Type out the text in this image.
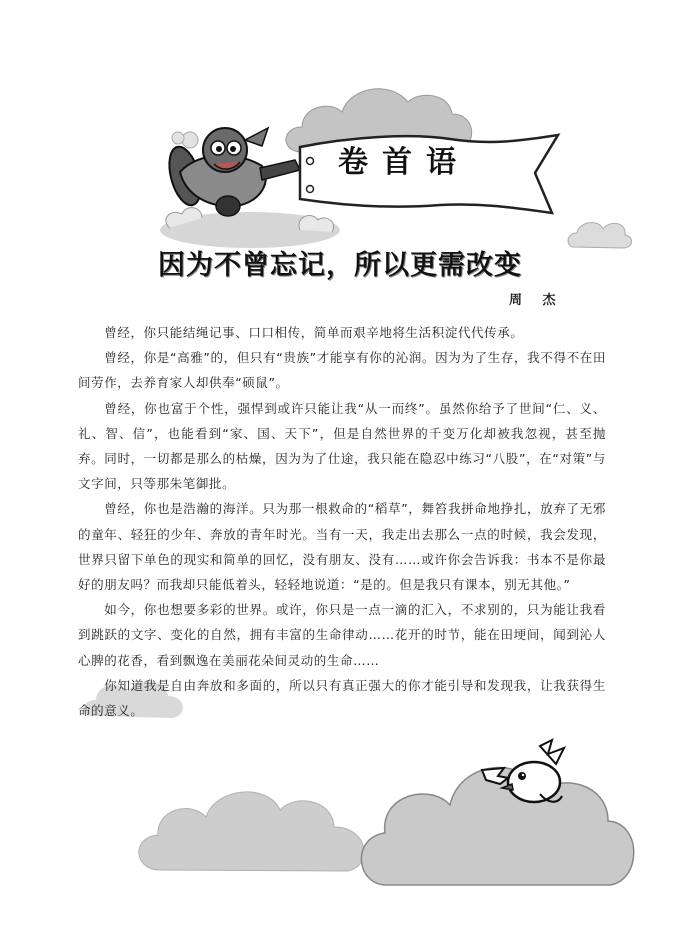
卷首语
因为不曾忘记，所以更需改变
周 杰

曾经，你只能结绳记事、口口相传，简单而艰辛地将生活积淀代代传承。

曾经，你是“高雅”的，但只有“贵族”才能享有你的沁润。因为为了生存，我不得不在田间劳作，去养育家人却供奉“硕鼠”。

曾经，你也富于个性，强悍到或许只能让我“从一而终”。虽然你给予了世间“仁、义、礼、智、信”，也能看到“家、国、天下”，但是自然世界的千变万化却被我忽视，甚至抛弃。同时，一切都是那么的枯燥，因为为了仕途，我只能在隐忍中练习“八股”，在“对策”与文字间，只等那朱笔御批。

曾经，你也是浩瀚的海洋。只为那一根救命的“稻草”，舞笞我拼命地挣扎，放弃了无邪的童年、轻狂的少年、奔放的青年时光。当有一天，我走出去那么一点的时候，我会发现，世界只留下单色的现实和简单的回忆，没有朋友、没有……或许你会告诉我：书本不是你最好的朋友吗？而我却只能低着头，轻轻地说道：“是的。但是我只有课本，别无其他。”

如今，你也想要多彩的世界。或许，你只是一点一滴的汇入，不求别的，只为能让我看到跳跃的文字、变化的自然，拥有丰富的生命律动……花开的时节，能在田埂间，闻到沁人心脾的花香，看到飘逸在美丽花朵间灵动的生命……

你知道我是自由奔放和多面的，所以只有真正强大的你才能引导和发现我，让我获得生命的意义。
